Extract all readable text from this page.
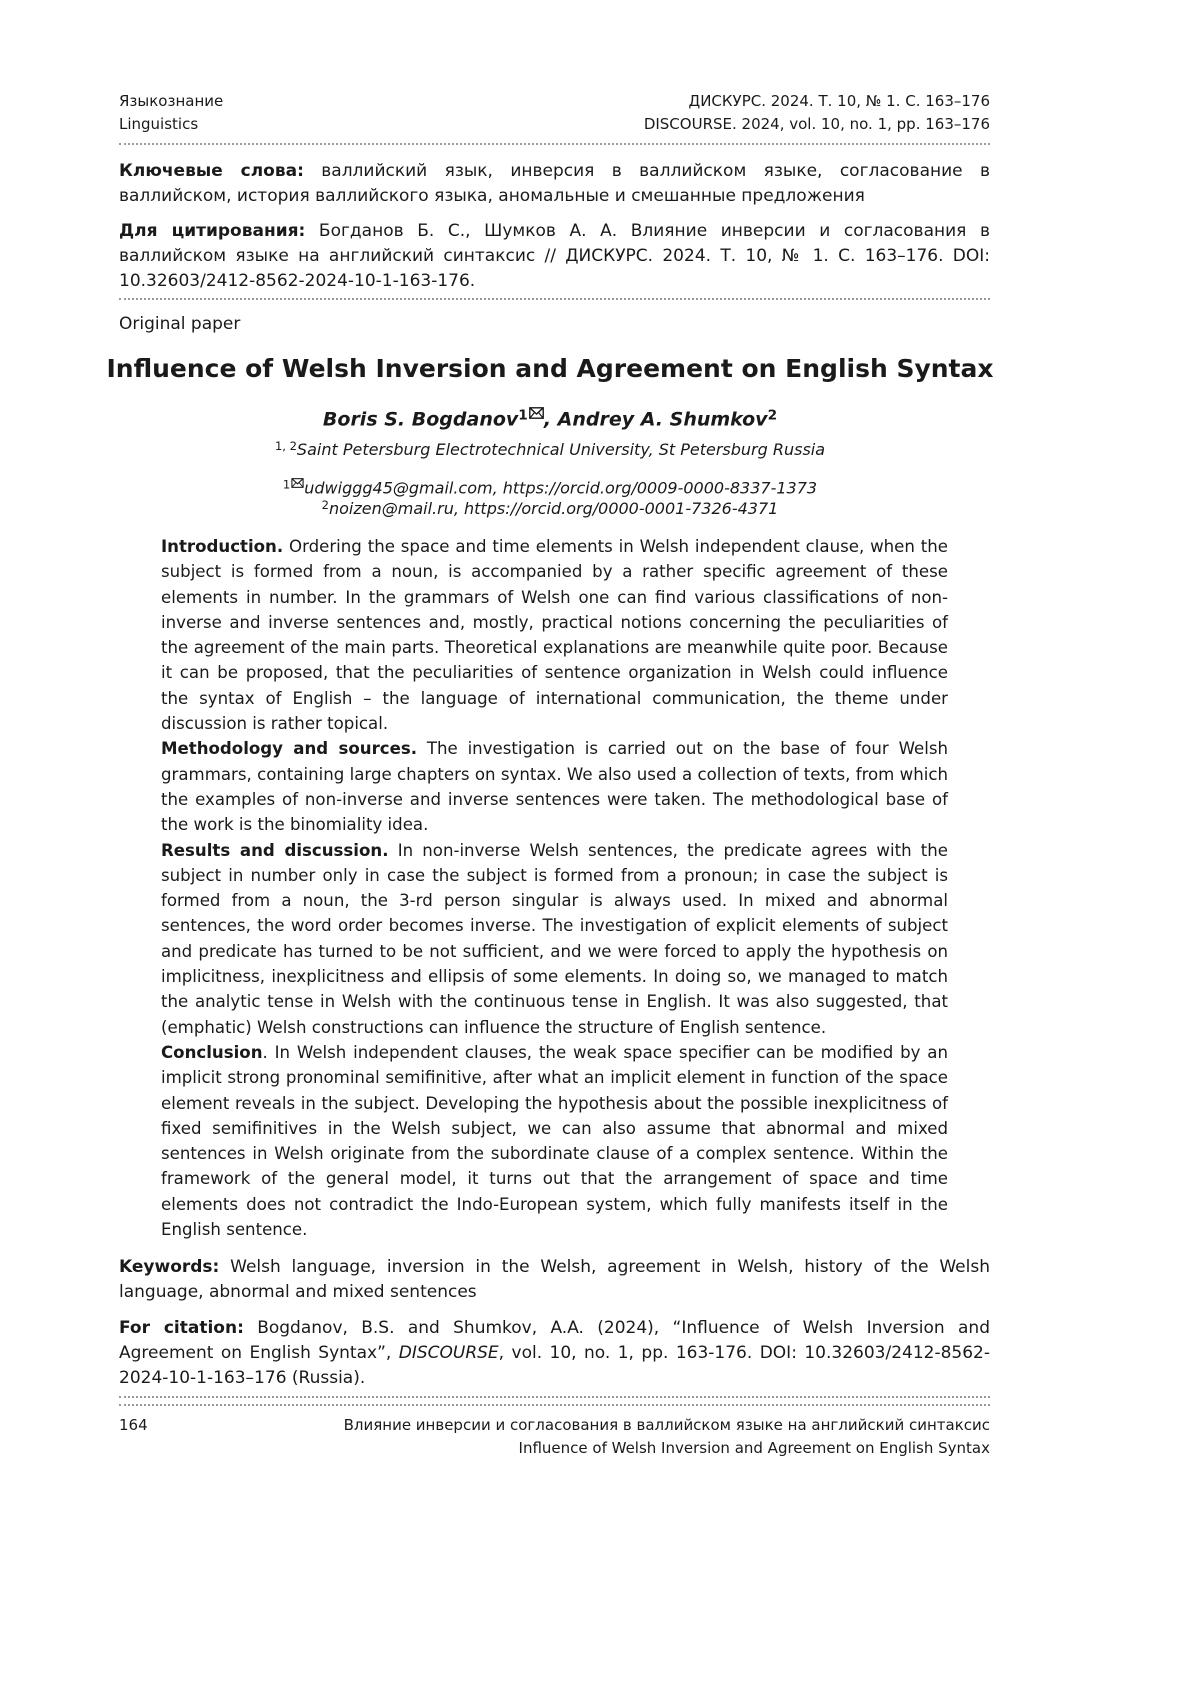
Языкознание	ДИСКУРС. 2024. Т. 10, № 1. С. 163–176
Linguistics	DISCOURSE. 2024, vol. 10, no. 1, pp. 163–176

Ключевые слова: валлийский язык, инверсия в валлийском языке, согласование в валлийском, история валлийского языка, аномальные и смешанные предложения

Для цитирования: Богданов Б. С., Шумков А. А. Влияние инверсии и согласования в валлийском языке на английский синтаксис // ДИСКУРС. 2024. Т. 10, № 1. С. 163–176. DOI: 10.32603/2412-8562-2024-10-1-163-176.

Original paper
Influence of Welsh Inversion and Agreement on English Syntax
Boris S. Bogdanov$^1$ , Andrey A. Shumkov$^2$
$^{1, 2}$Saint Petersburg Electrotechnical University, St Petersburg Russia
$^1$ udwiggg45@gmail.com, https://orcid.org/0009-0000-8337-1373
$^2$noizen@mail.ru, https://orcid.org/0000-0001-7326-4371

Introduction. Ordering the space and time elements in Welsh independent clause, when the subject is formed from a noun, is accompanied by a rather specific agreement of these elements in number. In the grammars of Welsh one can find various classifications of non-inverse and inverse sentences and, mostly, practical notions concerning the peculiarities of the agreement of the main parts. Theoretical explanations are meanwhile quite poor. Because it can be proposed, that the peculiarities of sentence organization in Welsh could influence the syntax of English – the language of international communication, the theme under discussion is rather topical.

Methodology and sources. The investigation is carried out on the base of four Welsh grammars, containing large chapters on syntax. We also used a collection of texts, from which the examples of non-inverse and inverse sentences were taken. The methodological base of the work is the binomiality idea.

Results and discussion. In non-inverse Welsh sentences, the predicate agrees with the subject in number only in case the subject is formed from a pronoun; in case the subject is formed from a noun, the 3-rd person singular is always used. In mixed and abnormal sentences, the word order becomes inverse. The investigation of explicit elements of subject and predicate has turned to be not sufficient, and we were forced to apply the hypothesis on implicitness, inexplicitness and ellipsis of some elements. In doing so, we managed to match the analytic tense in Welsh with the continuous tense in English. It was also suggested, that (emphatic) Welsh constructions can influence the structure of English sentence.

Conclusion. In Welsh independent clauses, the weak space specifier can be modified by an implicit strong pronominal semifinitive, after what an implicit element in function of the space element reveals in the subject. Developing the hypothesis about the possible inexplicitness of fixed semifinitives in the Welsh subject, we can also assume that abnormal and mixed sentences in Welsh originate from the subordinate clause of a complex sentence. Within the framework of the general model, it turns out that the arrangement of space and time elements does not contradict the Indo-European system, which fully manifests itself in the English sentence.

Keywords: Welsh language, inversion in the Welsh, agreement in Welsh, history of the Welsh language, abnormal and mixed sentences

For citation: Bogdanov, B.S. and Shumkov, A.A. (2024), “Influence of Welsh Inversion and Agreement on English Syntax”, DISCOURSE, vol. 10, no. 1, pp. 163-176. DOI: 10.32603/2412-8562-2024-10-1-163–176 (Russia).

164	Влияние инверсии и согласования в валлийском языке на английский синтаксис
Influence of Welsh Inversion and Agreement on English Syntax
